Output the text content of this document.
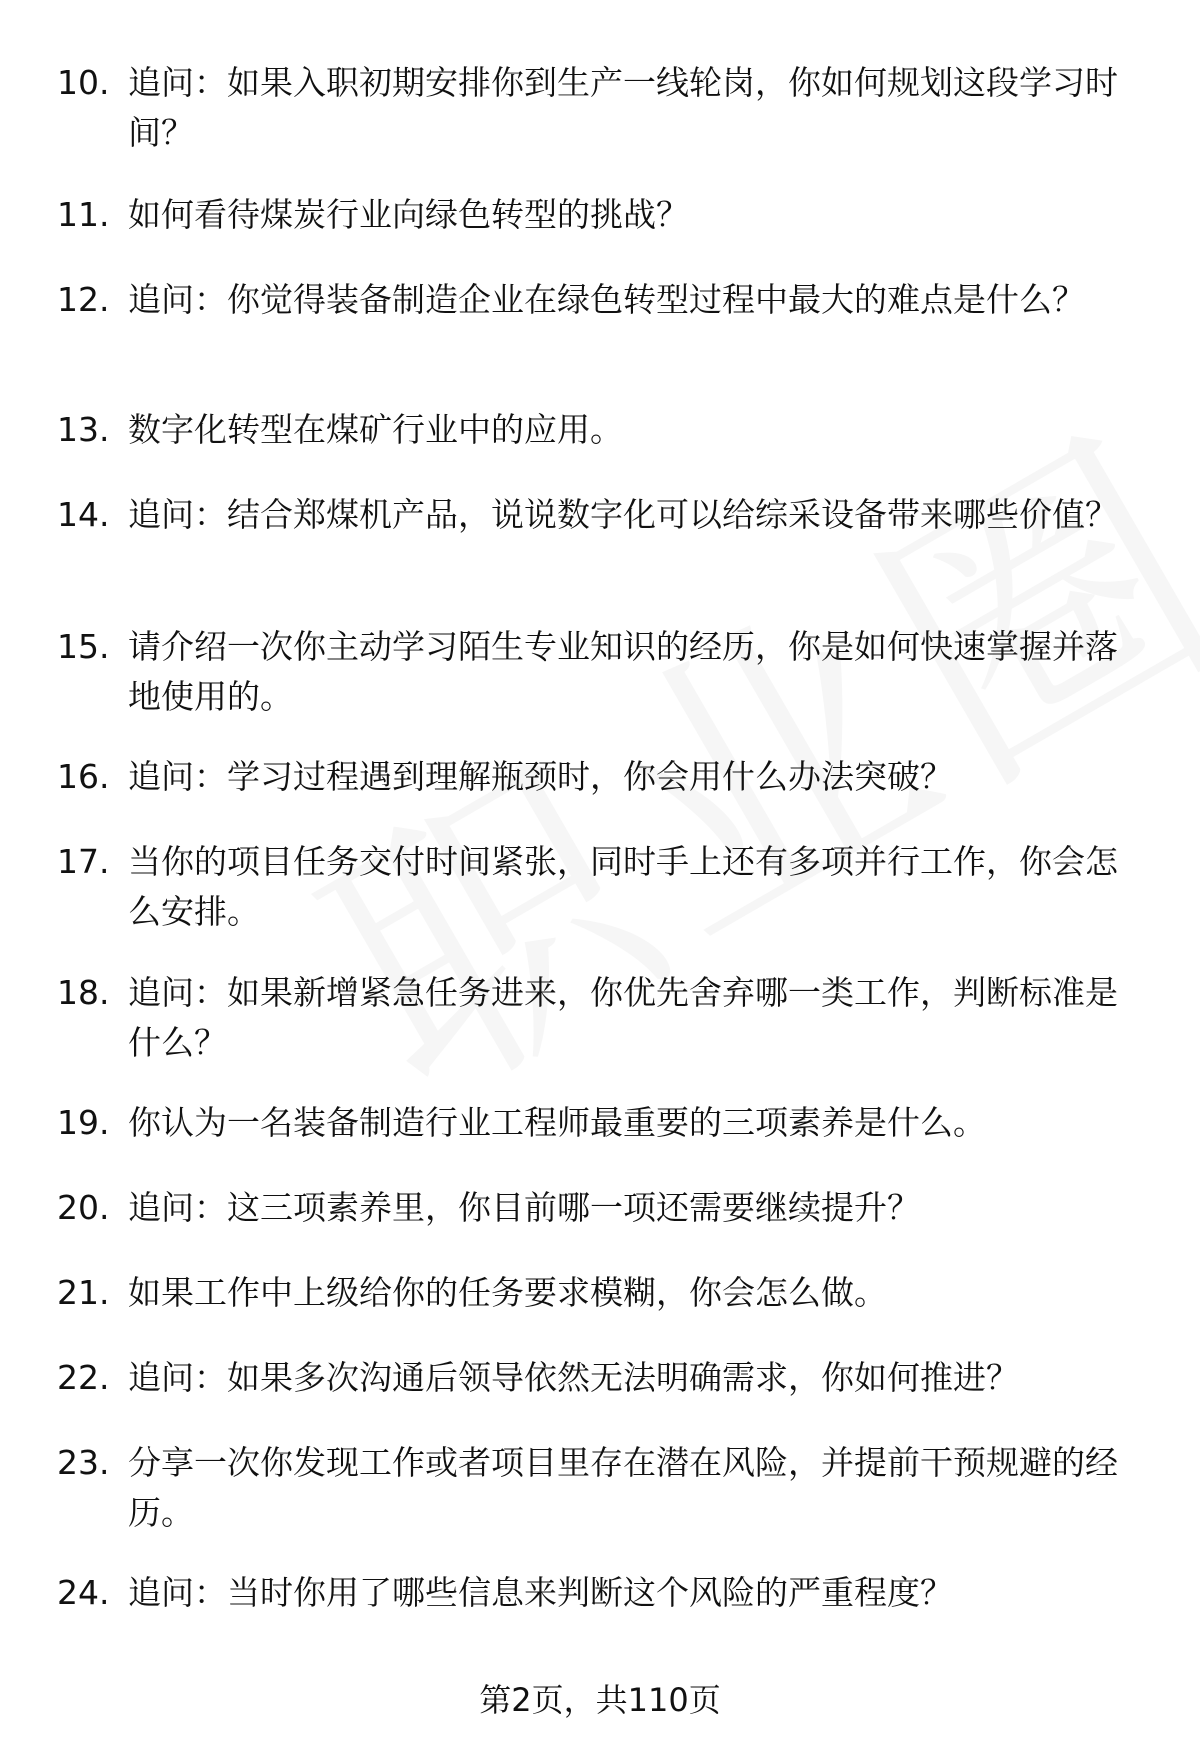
10. 追问：如果入职初期安排你到生产一线轮岗，你如何规划这段学习时间？
11. 如何看待煤炭行业向绿色转型的挑战？
12. 追问：你觉得装备制造企业在绿色转型过程中最大的难点是什么？
13. 数字化转型在煤矿行业中的应用。
14. 追问：结合郑煤机产品，说说数字化可以给综采设备带来哪些价值？
15. 请介绍一次你主动学习陌生专业知识的经历，你是如何快速掌握并落地使用的。
16. 追问：学习过程遇到理解瓶颈时，你会用什么办法突破？
17. 当你的项目任务交付时间紧张，同时手上还有多项并行工作，你会怎么安排。
18. 追问：如果新增紧急任务进来，你优先舍弃哪一类工作，判断标准是什么？
19. 你认为一名装备制造行业工程师最重要的三项素养是什么。
20. 追问：这三项素养里，你目前哪一项还需要继续提升？
21. 如果工作中上级给你的任务要求模糊，你会怎么做。
22. 追问：如果多次沟通后领导依然无法明确需求，你如何推进？
23. 分享一次你发现工作或者项目里存在潜在风险，并提前干预规避的经历。
24. 追问：当时你用了哪些信息来判断这个风险的严重程度？
第2页，共110页
